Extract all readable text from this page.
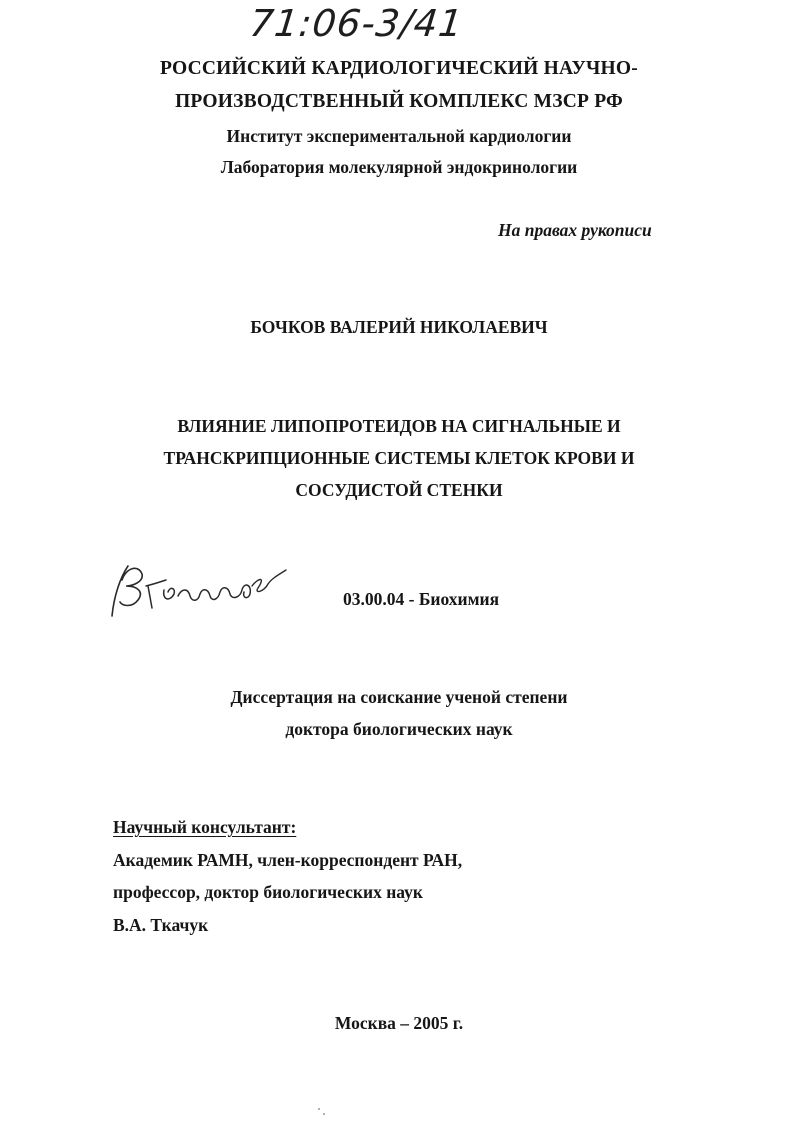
71:06-3/41
РОССИЙСКИЙ КАРДИОЛОГИЧЕСКИЙ НАУЧНО-
ПРОИЗВОДСТВЕННЫЙ КОМПЛЕКС МЗСР РФ
Институт экспериментальной кардиологии
Лаборатория молекулярной эндокринологии
На правах рукописи
БОЧКОВ ВАЛЕРИЙ НИКОЛАЕВИЧ
ВЛИЯНИЕ ЛИПОПРОТЕИДОВ НА СИГНАЛЬНЫЕ И
ТРАНСКРИПЦИОННЫЕ СИСТЕМЫ КЛЕТОК КРОВИ И
СОСУДИСТОЙ СТЕНКИ
Бочков
03.00.04 - Биохимия
Диссертация на соискание ученой степени
доктора биологических наук
Научный консультант:
Академик РАМН, член-корреспондент РАН,
профессор, доктор биологических наук
В.А. Ткачук
Москва – 2005 г.
